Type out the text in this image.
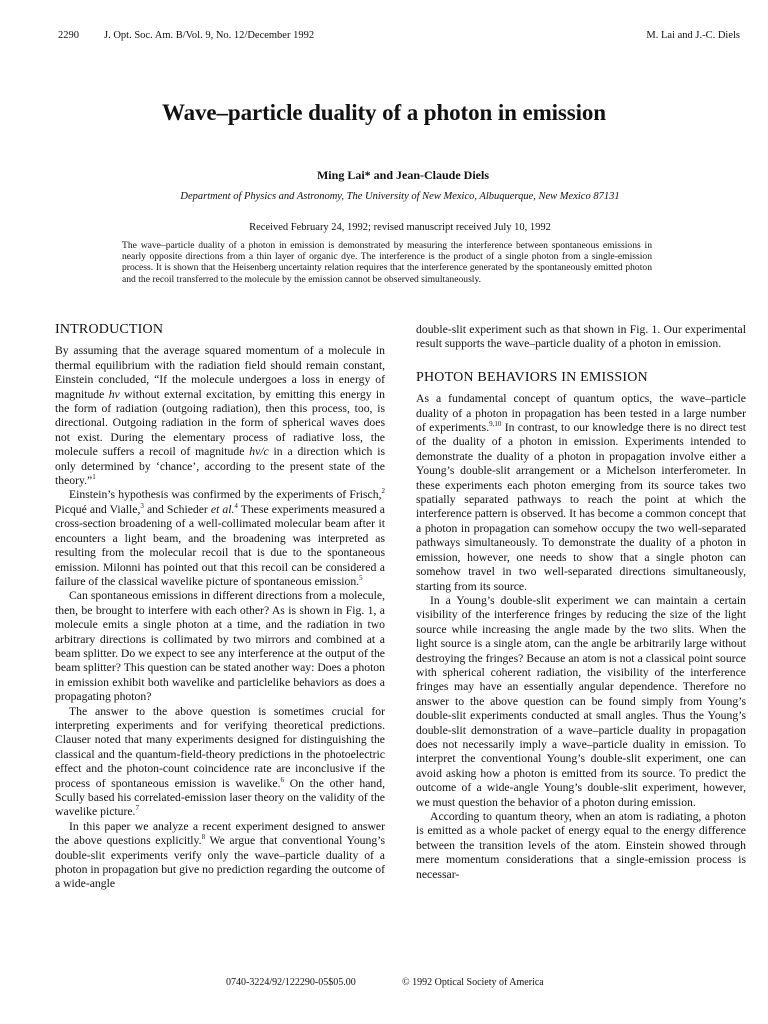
2290 J. Opt. Soc. Am. B/Vol. 9, No. 12/December 1992	M. Lai and J.-C. Diels
Wave–particle duality of a photon in emission
Ming Lai* and Jean-Claude Diels
Department of Physics and Astronomy, The University of New Mexico, Albuquerque, New Mexico 87131
Received February 24, 1992; revised manuscript received July 10, 1992

The wave–particle duality of a photon in emission is demonstrated by measuring the interference between spontaneous emissions in nearly opposite directions from a thin layer of organic dye. The interference is the product of a single photon from a single-emission process. It is shown that the Heisenberg uncertainty relation requires that the interference generated by the spontaneously emitted photon and the recoil transferred to the molecule by the emission cannot be observed simultaneously.

INTRODUCTION

By assuming that the average squared momentum of a molecule in thermal equilibrium with the radiation field should remain constant, Einstein concluded, “If the molecule undergoes a loss in energy of magnitude hν without external excitation, by emitting this energy in the form of radiation (outgoing radiation), then this process, too, is directional. Outgoing radiation in the form of spherical waves does not exist. During the elementary process of radiative loss, the molecule suffers a recoil of magnitude hν/c in a direction which is only determined by ‘chance’, according to the present state of the theory.”$^1$

Einstein’s hypothesis was confirmed by the experiments of Frisch,$^2$ Picqué and Vialle,$^3$ and Schieder et al.$^4$ These experiments measured a cross-section broadening of a well-collimated molecular beam after it encounters a light beam, and the broadening was interpreted as resulting from the molecular recoil that is due to the spontaneous emission. Milonni has pointed out that this recoil can be considered a failure of the classical wavelike picture of spontaneous emission.$^5$

Can spontaneous emissions in different directions from a molecule, then, be brought to interfere with each other? As is shown in Fig. 1, a molecule emits a single photon at a time, and the radiation in two arbitrary directions is collimated by two mirrors and combined at a beam splitter. Do we expect to see any interference at the output of the beam splitter? This question can be stated another way: Does a photon in emission exhibit both wavelike and particlelike behaviors as does a propagating photon?

The answer to the above question is sometimes crucial for interpreting experiments and for verifying theoretical predictions. Clauser noted that many experiments designed for distinguishing the classical and the quantum-field-theory predictions in the photoelectric effect and the photon-count coincidence rate are inconclusive if the process of spontaneous emission is wavelike.$^6$ On the other hand, Scully based his correlated-emission laser theory on the validity of the wavelike picture.$^7$

In this paper we analyze a recent experiment designed to answer the above questions explicitly.$^8$ We argue that conventional Young’s double-slit experiments verify only the wave–particle duality of a photon in propagation but give no prediction regarding the outcome of a wide-angle

double-slit experiment such as that shown in Fig. 1. Our experimental result supports the wave–particle duality of a photon in emission.

PHOTON BEHAVIORS IN EMISSION

As a fundamental concept of quantum optics, the wave–particle duality of a photon in propagation has been tested in a large number of experiments.$^{9,10}$ In contrast, to our knowledge there is no direct test of the duality of a photon in emission. Experiments intended to demonstrate the duality of a photon in propagation involve either a Young’s double-slit arrangement or a Michelson interferometer. In these experiments each photon emerging from its source takes two spatially separated pathways to reach the point at which the interference pattern is observed. It has become a common concept that a photon in propagation can somehow occupy the two well-separated pathways simultaneously. To demonstrate the duality of a photon in emission, however, one needs to show that a single photon can somehow travel in two well-separated directions simultaneously, starting from its source.

In a Young’s double-slit experiment we can maintain a certain visibility of the interference fringes by reducing the size of the light source while increasing the angle made by the two slits. When the light source is a single atom, can the angle be arbitrarily large without destroying the fringes? Because an atom is not a classical point source with spherical coherent radiation, the visibility of the interference fringes may have an essentially angular dependence. Therefore no answer to the above question can be found simply from Young’s double-slit experiments conducted at small angles. Thus the Young’s double-slit demonstration of a wave–particle duality in propagation does not necessarily imply a wave–particle duality in emission. To interpret the conventional Young’s double-slit experiment, one can avoid asking how a photon is emitted from its source. To predict the outcome of a wide-angle Young’s double-slit experiment, however, we must question the behavior of a photon during emission.

According to quantum theory, when an atom is radiating, a photon is emitted as a whole packet of energy equal to the energy difference between the transition levels of the atom. Einstein showed through mere momentum considerations that a single-emission process is necessar-

0740-3224/92/122290-05$05.00	© 1992 Optical Society of America
